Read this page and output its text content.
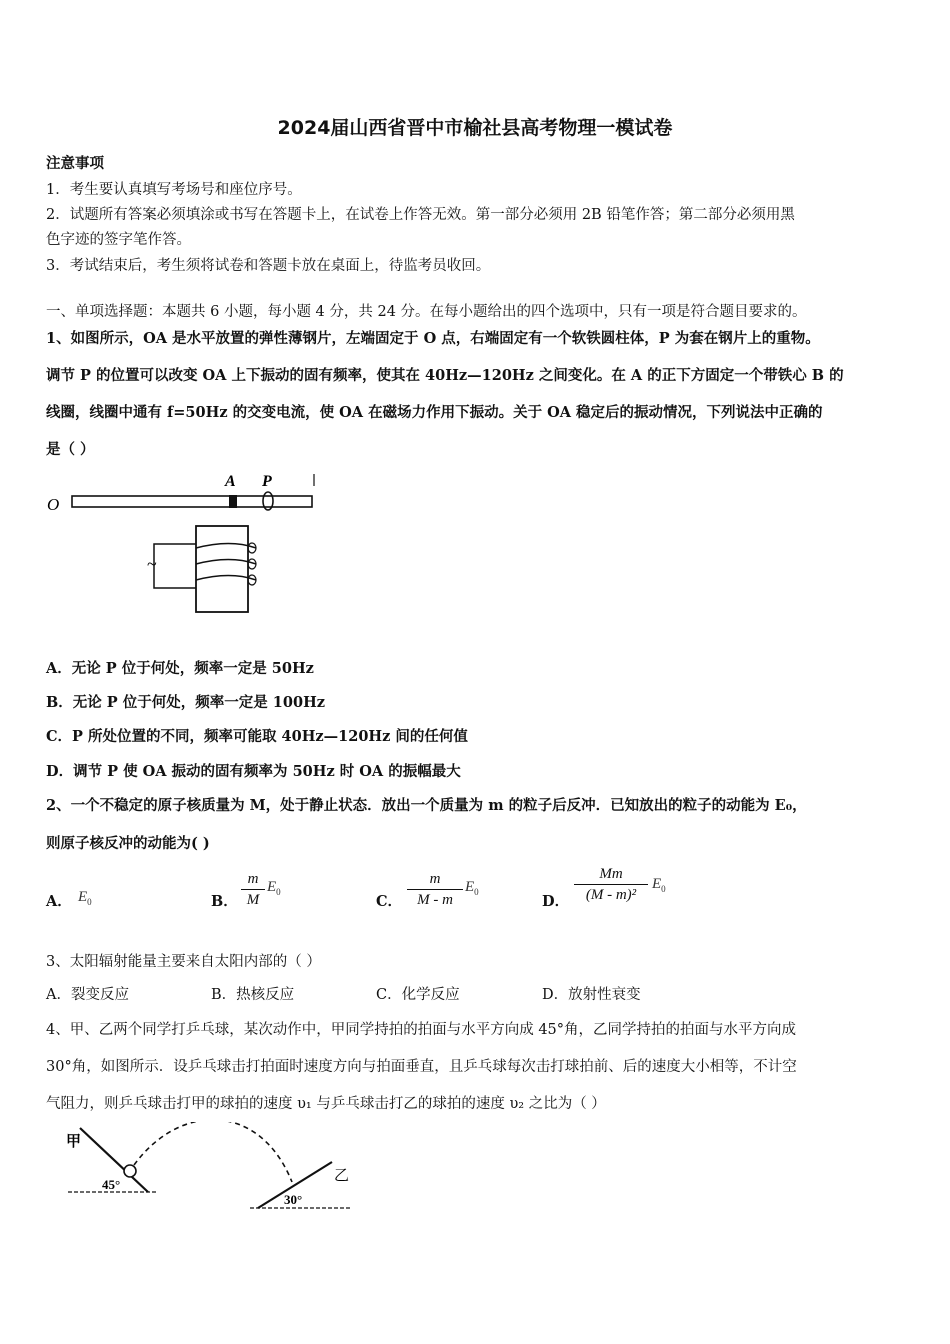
2024届山西省晋中市榆社县高考物理一模试卷
注意事项
1．考生要认真填写考场号和座位序号。
2．试题所有答案必须填涂或书写在答题卡上，在试卷上作答无效。第一部分必须用 2B 铅笔作答；第二部分必须用黑
色字迹的签字笔作答。
3．考试结束后，考生须将试卷和答题卡放在桌面上，待监考员收回。
一、单项选择题：本题共 6 小题，每小题 4 分，共 24 分。在每小题给出的四个选项中，只有一项是符合题目要求的。
1、如图所示，OA 是水平放置的弹性薄钢片，左端固定于 O 点，右端固定有一个软铁圆柱体，P 为套在钢片上的重物。
调节 P 的位置可以改变 OA 上下振动的固有频率，使其在 40Hz—120Hz 之间变化。在 A 的正下方固定一个带铁心 B 的
线圈，线圈中通有 f=50Hz 的交变电流，使 OA 在磁场力作用下振动。关于 OA 稳定后的振动情况，下列说法中正确的
是（ ）
O
A P
~
A．无论 P 位于何处，频率一定是 50Hz
B．无论 P 位于何处，频率一定是 100Hz
C．P 所处位置的不同，频率可能取 40Hz—120Hz 间的任何值
D．调节 P 使 OA 振动的固有频率为 50Hz 时 OA 的振幅最大
2、一个不稳定的原子核质量为 M，处于静止状态．放出一个质量为 m 的粒子后反冲．已知放出的粒子的动能为 E₀，
则原子核反冲的动能为( )
A． $E_0$	B．
m
M
$E_0$
C．
m
M - m
$E_0$
D．
Mm
(M - m)²
$E_0$
3、太阳辐射能量主要来自太阳内部的（ ）
A．裂变反应	B．热核反应	C．化学反应	D．放射性衰变
4、甲、乙两个同学打乒乓球，某次动作中，甲同学持拍的拍面与水平方向成 45°角，乙同学持拍的拍面与水平方向成
30°角，如图所示．设乒乓球击打拍面时速度方向与拍面垂直，且乒乓球每次击打球拍前、后的速度大小相等，不计空
气阻力，则乒乓球击打甲的球拍的速度 υ₁ 与乒乓球击打乙的球拍的速度 υ₂ 之比为（ ）
甲
乙
45°
30°
